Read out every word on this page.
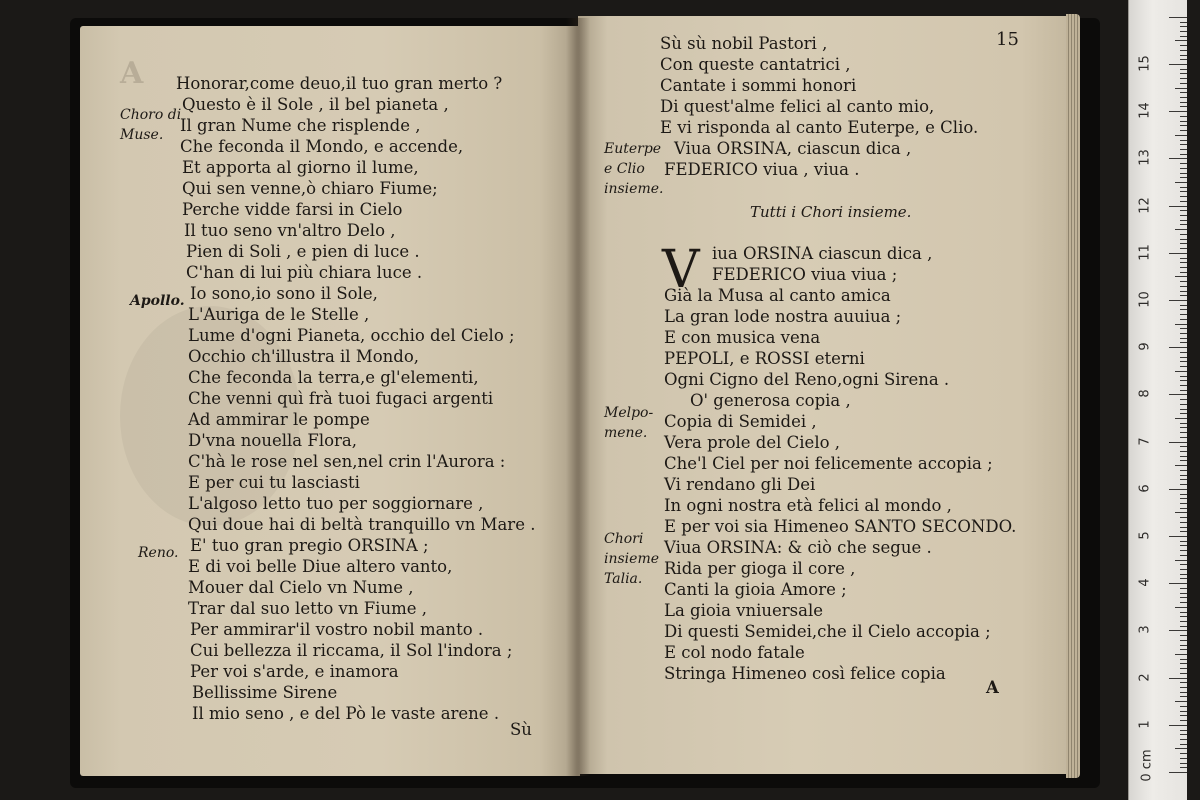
A
Choro di
Muse.
Apollo.
Reno.
Honorar,come deuo,il tuo gran merto ?
Questo è il Sole , il bel pianeta ,
Il gran Nume che risplende ,
Che feconda il Mondo, e accende,
Et apporta al giorno il lume,
Qui sen venne,ò chiaro Fiume;
Perche vidde farsi in Cielo
Il tuo seno vn'altro Delo ,
Pien di Soli , e pien di luce .
C'han di lui più chiara luce .
Io sono,io sono il Sole,
L'Auriga de le Stelle ,
Lume d'ogni Pianeta, occhio del Cielo ;
Occhio ch'illustra il Mondo,
Che feconda la terra,e gl'elementi,
Che venni quì frà tuoi fugaci argenti
Ad ammirar le pompe
D'vna nouella Flora,
C'hà le rose nel sen,nel crin l'Aurora :
E per cui tu lasciasti
L'algoso letto tuo per soggiornare ,
Qui doue hai di beltà tranquillo vn Mare .
E' tuo gran pregio ORSINA ;
E di voi belle Diue altero vanto,
Mouer dal Cielo vn Nume ,
Trar dal suo letto vn Fiume ,
Per ammirar'il vostro nobil manto .
Cui bellezza il riccama, il Sol l'indora ;
Per voi s'arde, e inamora
Bellissime Sirene
Il mio seno , e del Pò le vaste arene .
Sù
15
Sù sù nobil Pastori ,
Con queste cantatrici ,
Cantate i sommi honori
Di quest'alme felici al canto mio,
E vi risponda al canto Euterpe, e Clio.
Viua ORSINA, ciascun dica ,
FEDERICO viua , viua .
Euterpe
e Clio
insieme.
Tutti i Chori insieme.
V iua ORSINA ciascun dica ,
FEDERICO viua viua ;
Già la Musa al canto amica
La gran lode nostra auuiua ;
E con musica vena
PEPOLI, e ROSSI eterni
Ogni Cigno del Reno,ogni Sirena .
O' generosa copia ,
Copia di Semidei ,
Vera prole del Cielo ,
Che'l Ciel per noi felicemente accopia ;
Vi rendano gli Dei
In ogni nostra età felici al mondo ,
E per voi sia Himeneo SANTO SECONDO.
Viua ORSINA: & ciò che segue .
Rida per gioga il core ,
Canti la gioia Amore ;
La gioia vniuersale
Di questi Semidei,che il Cielo accopia ;
E col nodo fatale
Stringa Himeneo così felice copia
Melpo-
mene.
Chori
insieme
Talia.
A
15
14
13
12
11
10
9
8
7
6
5
4
3
2
1
0 cm
